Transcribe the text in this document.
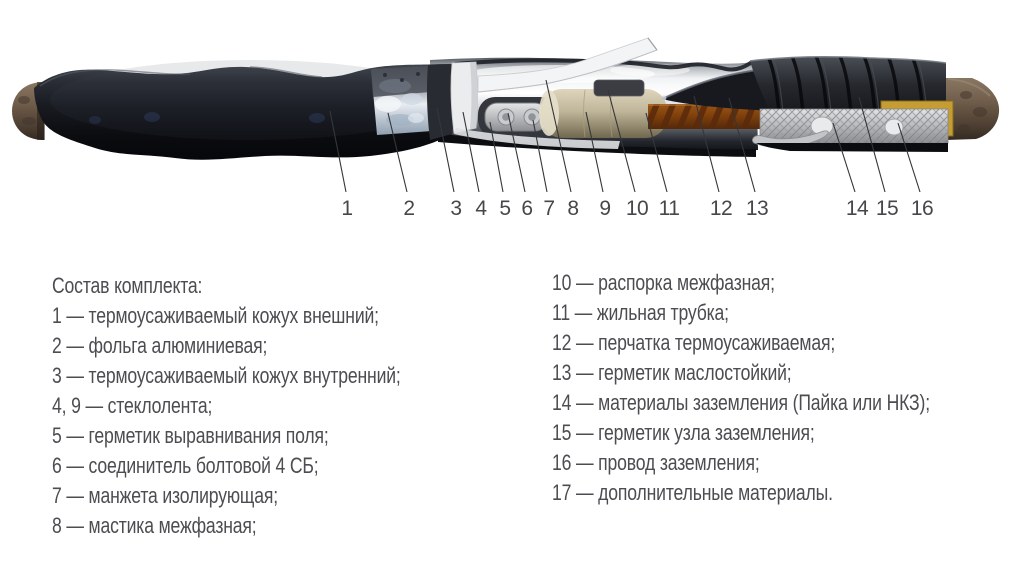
1 2 3 4 5 6 7 8 9 10 11 12 13	14 15 16
Состав комплекта:
1 — термоусаживаемый кожух внешний;
2 — фольга алюминиевая;
3 — термоусаживаемый кожух внутренний;
4, 9 — стеклолента;
5 — герметик выравнивания поля;
6 — соединитель болтовой 4 СБ;
7 — манжета изолирующая;
8 — мастика межфазная;
10 — распорка межфазная;
11 — жильная трубка;
12 — перчатка термоусаживаемая;
13 — герметик маслостойкий;
14 — материалы заземления (Пайка или НКЗ);
15 — герметик узла заземления;
16 — провод заземления;
17 — дополнительные материалы.
